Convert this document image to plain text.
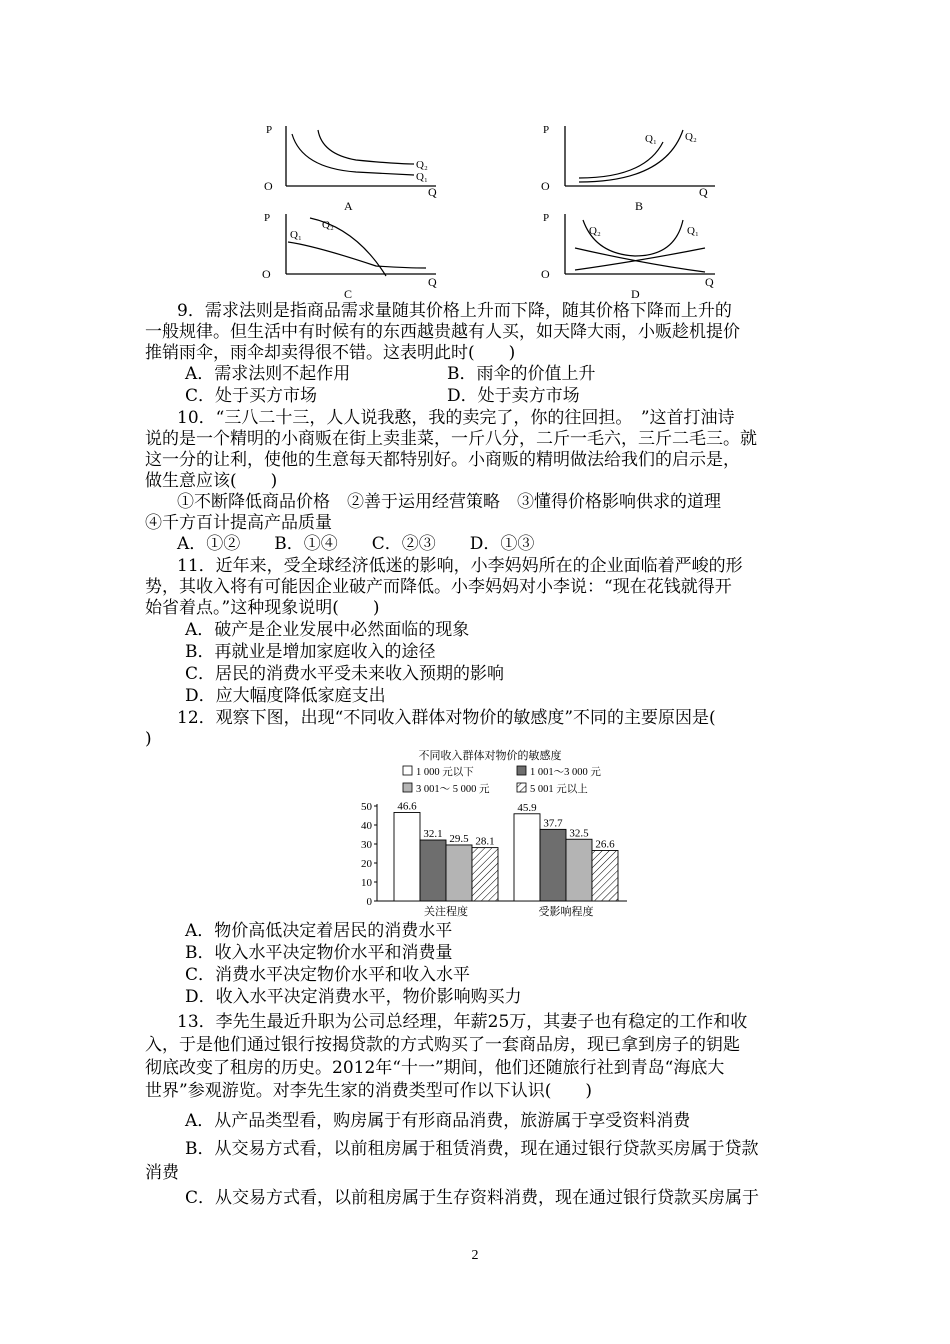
P
O	Q
Q₂
Q₁
A
P
O	Q
Q₁	Q₂
B
P
O
Q
Q₁
Q₂
C
P
O
Q
Q₂	Q₁
D
9．需求法则是指商品需求量随其价格上升而下降，随其价格下降而上升的
一般规律。但生活中有时候有的东西越贵越有人买，如天降大雨，小贩趁机提价
推销雨伞，雨伞却卖得很不错。这表明此时(　　)
A．需求法则不起作用	B．雨伞的价值上升
C．处于买方市场	D．处于卖方市场
10．“三八二十三，人人说我憨，我的卖完了，你的往回担。　”这首打油诗
说的是一个精明的小商贩在街上卖韭菜，一斤八分，二斤一毛六，三斤二毛三。就
这一分的让利，使他的生意每天都特别好。小商贩的精明做法给我们的启示是，
做生意应该(　　)
①不断降低商品价格　②善于运用经营策略　③懂得价格影响供求的道理
④千方百计提高产品质量
A．①②　　B．①④　　C．②③　　D．①③
11．近年来，受全球经济低迷的影响，小李妈妈所在的企业面临着严峻的形
势，其收入将有可能因企业破产而降低。小李妈妈对小李说：“现在花钱就得开
始省着点。”这种现象说明(　　)
A．破产是企业发展中必然面临的现象
B．再就业是增加家庭收入的途径
C．居民的消费水平受未来收入预期的影响
D．应大幅度降低家庭支出
12．观察下图，出现“不同收入群体对物价的敏感度”不同的主要原因是(
)
不同收入群体对物价的敏感度
1 000 元以下	1 001～3 000 元
3 001～ 5 000 元	5 001 元以上
50
40
30
20
10
0
46.6
32.1 29.5 28.1
关注程度
45.9
37.7
32.5
26.6
受影响程度
A．物价高低决定着居民的消费水平
B．收入水平决定物价水平和消费量
C．消费水平决定物价水平和收入水平
D．收入水平决定消费水平，物价影响购买力
13．李先生最近升职为公司总经理，年薪25万，其妻子也有稳定的工作和收
入，于是他们通过银行按揭贷款的方式购买了一套商品房，现已拿到房子的钥匙
彻底改变了租房的历史。2012年“十一”期间，他们还随旅行社到青岛“海底大
世界”参观游览。对李先生家的消费类型可作以下认识(　　)
A．从产品类型看，购房属于有形商品消费，旅游属于享受资料消费
B．从交易方式看，以前租房属于租赁消费，现在通过银行贷款买房属于贷款
消费
C．从交易方式看，以前租房属于生存资料消费，现在通过银行贷款买房属于
2
